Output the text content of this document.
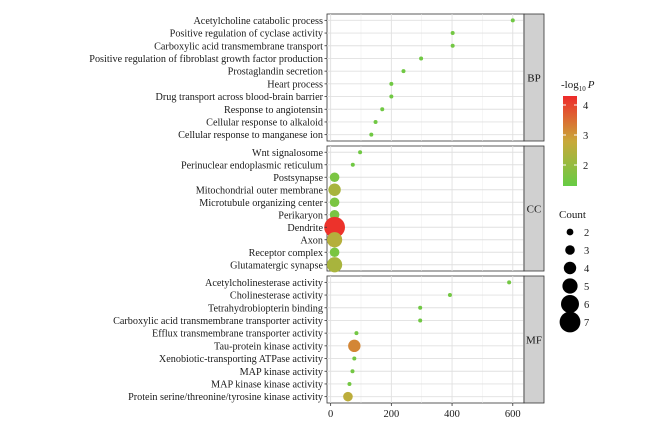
Acetylcholine catabolic process
Positive regulation of cyclase activity
Carboxylic acid transmembrane transport
Positive regulation of fibroblast growth factor production
Prostaglandin secretion
Heart process
Drug transport across blood-brain barrier
Response to angiotensin
Cellular response to alkaloid
Cellular response to manganese ion
Wnt signalosome
Perinuclear endoplasmic reticulum
Postsynapse
Mitochondrial outer membrane
Microtubule organizing center
Perikaryon
Dendrite
Axon
Receptor complex
Glutamatergic synapse
Acetylcholinesterase activity
Cholinesterase activity
Tetrahydrobiopterin binding
Carboxylic acid transmembrane transporter activity
Efflux transmembrane transporter activity
Tau-protein kinase activity
Xenobiotic-transporting ATPase activity
MAP kinase activity
MAP kinase kinase activity
Protein serine/threonine/tyrosine kinase activity
BP
CC
MF
0	200	400	600
$-\log_{10}$ P
2
3
4
Count
2
3
4
5
6
7
